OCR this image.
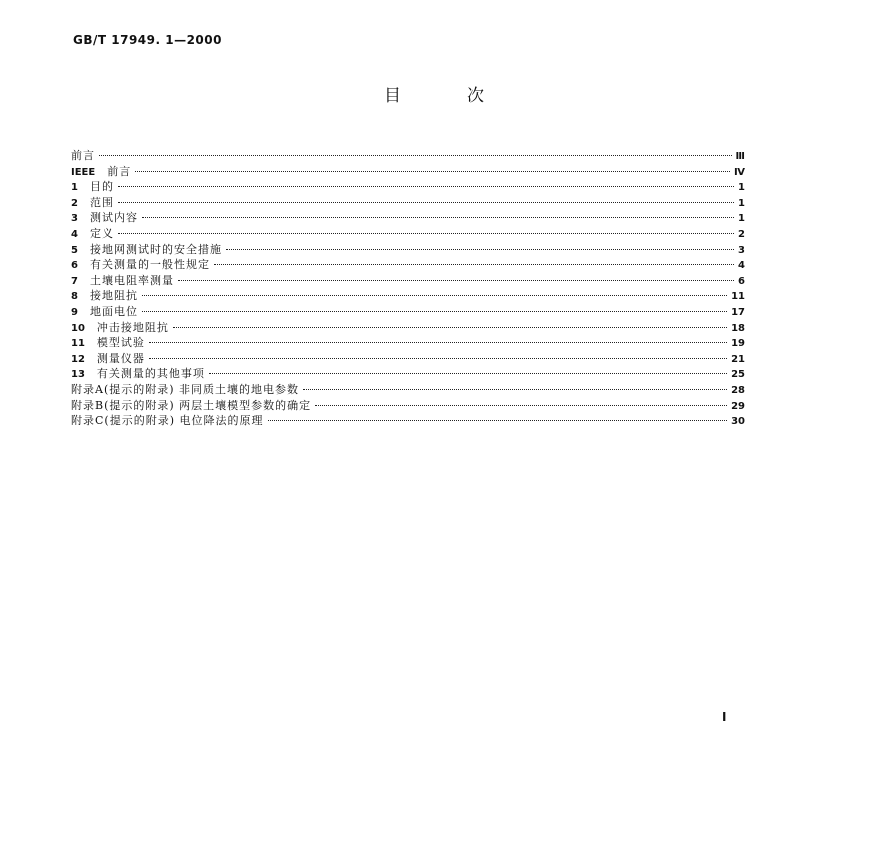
GB/T 17949. 1—2000
目	次
前言	Ⅲ
IEEE 前言	Ⅳ
1 目的	1
2 范围	1
3 测试内容	1
4 定义	2
5 接地网测试时的安全措施	3
6 有关测量的一般性规定	4
7 土壤电阻率测量	6
8 接地阻抗	11
9 地面电位	17
10 冲击接地阻抗	18
11 模型试验	19
12 测量仪器	21
13 有关测量的其他事项	25
附录A(提示的附录) 非同质土壤的地电参数	28
附录B(提示的附录) 两层土壤模型参数的确定	29
附录C(提示的附录) 电位降法的原理	30
I
